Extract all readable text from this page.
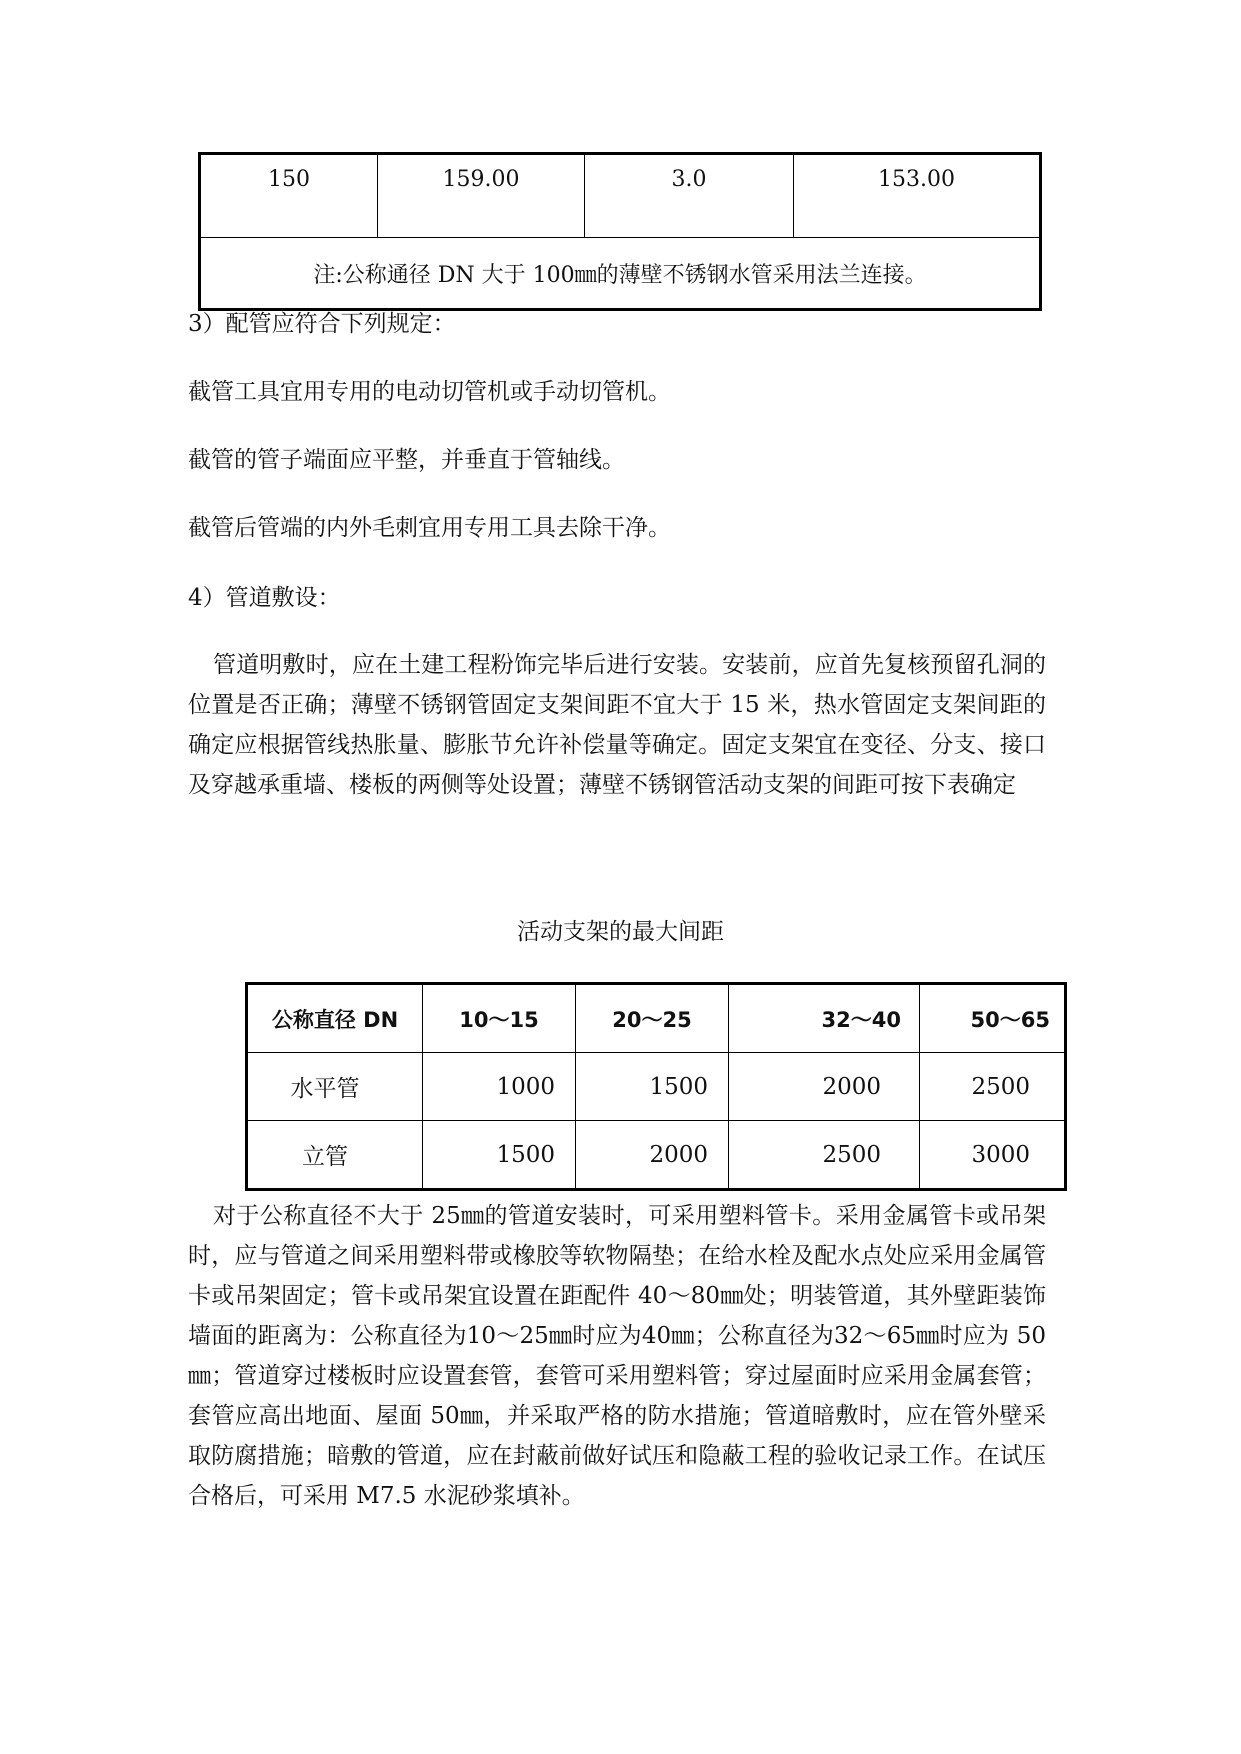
150	159.00	3.0	153.00
注:公称通径 DN 大于 100㎜的薄壁不锈钢水管采用法兰连接。

3）配管应符合下列规定：

截管工具宜用专用的电动切管机或手动切管机。

截管的管子端面应平整，并垂直于管轴线。

截管后管端的内外毛刺宜用专用工具去除干净。

4）管道敷设：

管道明敷时，应在土建工程粉饰完毕后进行安装。安装前，应首先复核预留孔洞的位置是否正确；薄壁不锈钢管固定支架间距不宜大于 15 米，热水管固定支架间距的确定应根据管线热胀量、膨胀节允许补偿量等确定。固定支架宜在变径、分支、接口及穿越承重墙、楼板的两侧等处设置；薄壁不锈钢管活动支架的间距可按下表确定

活动支架的最大间距
公称直径 DN	10～15	20～25	32～40	50～65
水平管	1000	1500	2000	2500
立管	1500	2000	2500	3000

对于公称直径不大于 25㎜的管道安装时，可采用塑料管卡。采用金属管卡或吊架时，应与管道之间采用塑料带或橡胶等软物隔垫；在给水栓及配水点处应采用金属管卡或吊架固定；管卡或吊架宜设置在距配件 40～80㎜处；明装管道，其外壁距装饰墙面的距离为：公称直径为10～25㎜时应为40㎜；公称直径为32～65㎜时应为 50㎜；管道穿过楼板时应设置套管，套管可采用塑料管；穿过屋面时应采用金属套管；套管应高出地面、屋面 50㎜，并采取严格的防水措施；管道暗敷时，应在管外壁采取防腐措施；暗敷的管道，应在封蔽前做好试压和隐蔽工程的验收记录工作。在试压合格后，可采用 M7.5 水泥砂浆填补。
